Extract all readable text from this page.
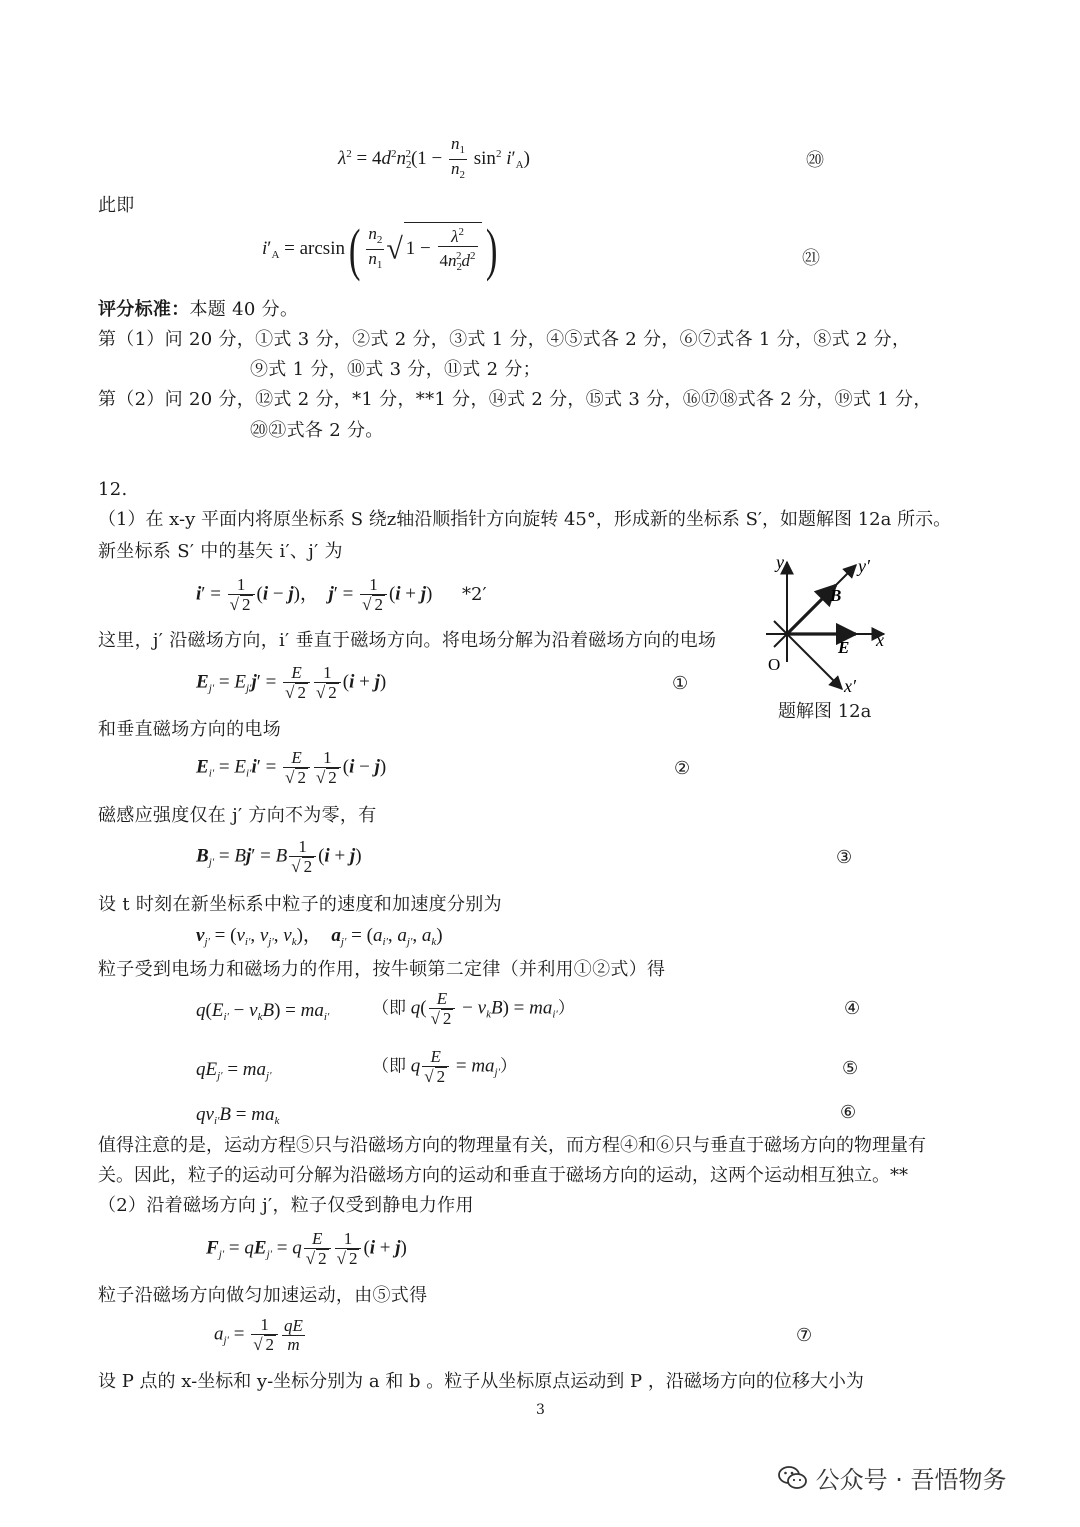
$\lambda^2 = 4d^2n_2^2(1 - \frac{n_1}{n_2} \sin^2 i'_A)$	⑳
此即
$i'_A = \arcsin( \frac{n_2}{n_1}$ √ $1 - \frac{\lambda^2}{4n_2^2d^2}$ )	㉑
评分标准：本题 40 分。
第（1）问 20 分，①式 3 分，②式 2 分，③式 1 分，④⑤式各 2 分，⑥⑦式各 1 分，⑧式 2 分，
⑨式 1 分，⑩式 3 分，⑪式 2 分；
第（2）问 20 分，⑫式 2 分，*1 分，**1 分，⑭式 2 分，⑮式 3 分，⑯⑰⑱式各 2 分，⑲式 1 分，
⑳㉑式各 2 分。
12.
（1）在 x-y 平面内将原坐标系 S 绕z轴沿顺指针方向旋转 45°，形成新的坐标系 S′，如题解图 12a 所示。
新坐标系 S′ 中的基矢 i′、j′ 为
$i' = \frac{1}{√ 2} (i - j)$，  $j' = \frac{1}{√ 2} (i + j)$ *2′
这里，j′ 沿磁场方向，i′ 垂直于磁场方向。将电场分解为沿着磁场方向的电场
y	y′
x
x′
B
E
O
题解图 12a
$E_{j'} = E_{j'}j' = \frac{E}{√ 2} \frac{1}{√ 2} (i + j)$	①
和垂直磁场方向的电场
$E_{i'} = E_{i'}i' = \frac{E}{√ 2} \frac{1}{√ 2} (i - j)$	②
磁感应强度仅在 j′ 方向不为零，有
$B_{j'} = Bj' = B \frac{1}{√ 2} (i + j)$	③
设 t 时刻在新坐标系中粒子的速度和加速度分别为
$v_{j'} = (v_{i'}$, $v_{j'}$, $v_k$)，  $a_{j'} = (a_{i'}$, $a_{j'}$, $a_k$)
粒子受到电场力和磁场力的作用，按牛顿第二定律（并利用①②式）得
$q(E_{i'} - v_kB) = ma_{i'}$	（即 $q( \frac{E}{√ 2} - v_kB) = ma_{i'}$）	④
$qE_{j'} = ma_{j'}$	（即 q $\frac{E}{√ 2} = ma_{j'}$）	⑤
$qv_{i'}B = ma_k$	⑥
值得注意的是，运动方程⑤只与沿磁场方向的物理量有关，而方程④和⑥只与垂直于磁场方向的物理量有
关。因此，粒子的运动可分解为沿磁场方向的运动和垂直于磁场方向的运动，这两个运动相互独立。**
（2）沿着磁场方向 j′，粒子仅受到静电力作用
$F_{j'} = qE_{j'} = q \frac{E}{√ 2} \frac{1}{√ 2} (i + j)$
粒子沿磁场方向做匀加速运动，由⑤式得
$a_{j'} = \frac{1}{√ 2} \frac{qE}{m}$	⑦
设 P 点的 x-坐标和 y-坐标分别为 a 和 b 。粒子从坐标原点运动到 P ，沿磁场方向的位移大小为
3
公众号 · 吾悟物务
